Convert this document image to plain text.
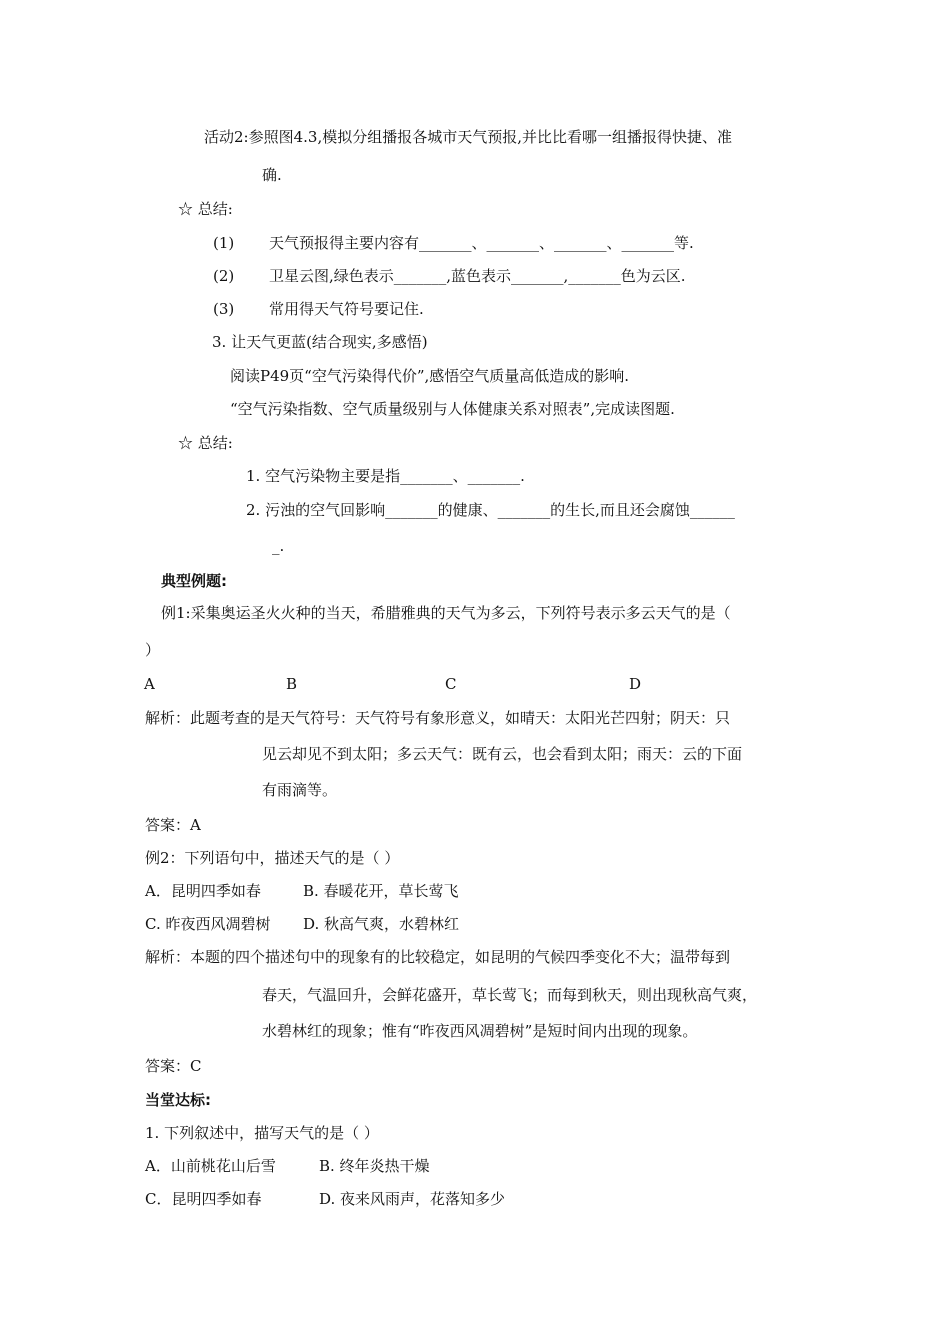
活动2:参照图4.3,模拟分组播报各城市天气预报,并比比看哪一组播报得快捷、准
确.
☆ 总结:
(1) 天气预报得主要内容有_______、_______、_______、_______等.
(2) 卫星云图,绿色表示_______,蓝色表示_______,_______色为云区.
(3) 常用得天气符号要记住.
3. 让天气更蓝(结合现实,多感悟)
阅读P49页“空气污染得代价”,感悟空气质量高低造成的影响.
“空气污染指数、空气质量级别与人体健康关系对照表”,完成读图题.
☆ 总结:
1. 空气污染物主要是指_______、_______.
2. 污浊的空气回影响_______的健康、_______的生长,而且还会腐蚀______
_.
典型例题:
例1:采集奥运圣火火种的当天，希腊雅典的天气为多云，下列符号表示多云天气的是（
）
A	B	C	D
解析：此题考查的是天气符号：天气符号有象形意义，如晴天：太阳光芒四射；阴天：只
见云却见不到太阳；多云天气：既有云，也会看到太阳；雨天：云的下面
有雨滴等。
答案：A
例2：下列语句中，描述天气的是（ ）
A．昆明四季如春	B. 春暖花开，草长莺飞
C. 昨夜西风凋碧树 D. 秋高气爽，水碧林红
解析：本题的四个描述句中的现象有的比较稳定，如昆明的气候四季变化不大；温带每到
春天，气温回升，会鲜花盛开，草长莺飞；而每到秋天，则出现秋高气爽，
水碧林红的现象；惟有“昨夜西风凋碧树”是短时间内出现的现象。
答案：C
当堂达标:
1. 下列叙述中，描写天气的是（ ）
A．山前桃花山后雪	B. 终年炎热干燥
C．昆明四季如春	D. 夜来风雨声，花落知多少
